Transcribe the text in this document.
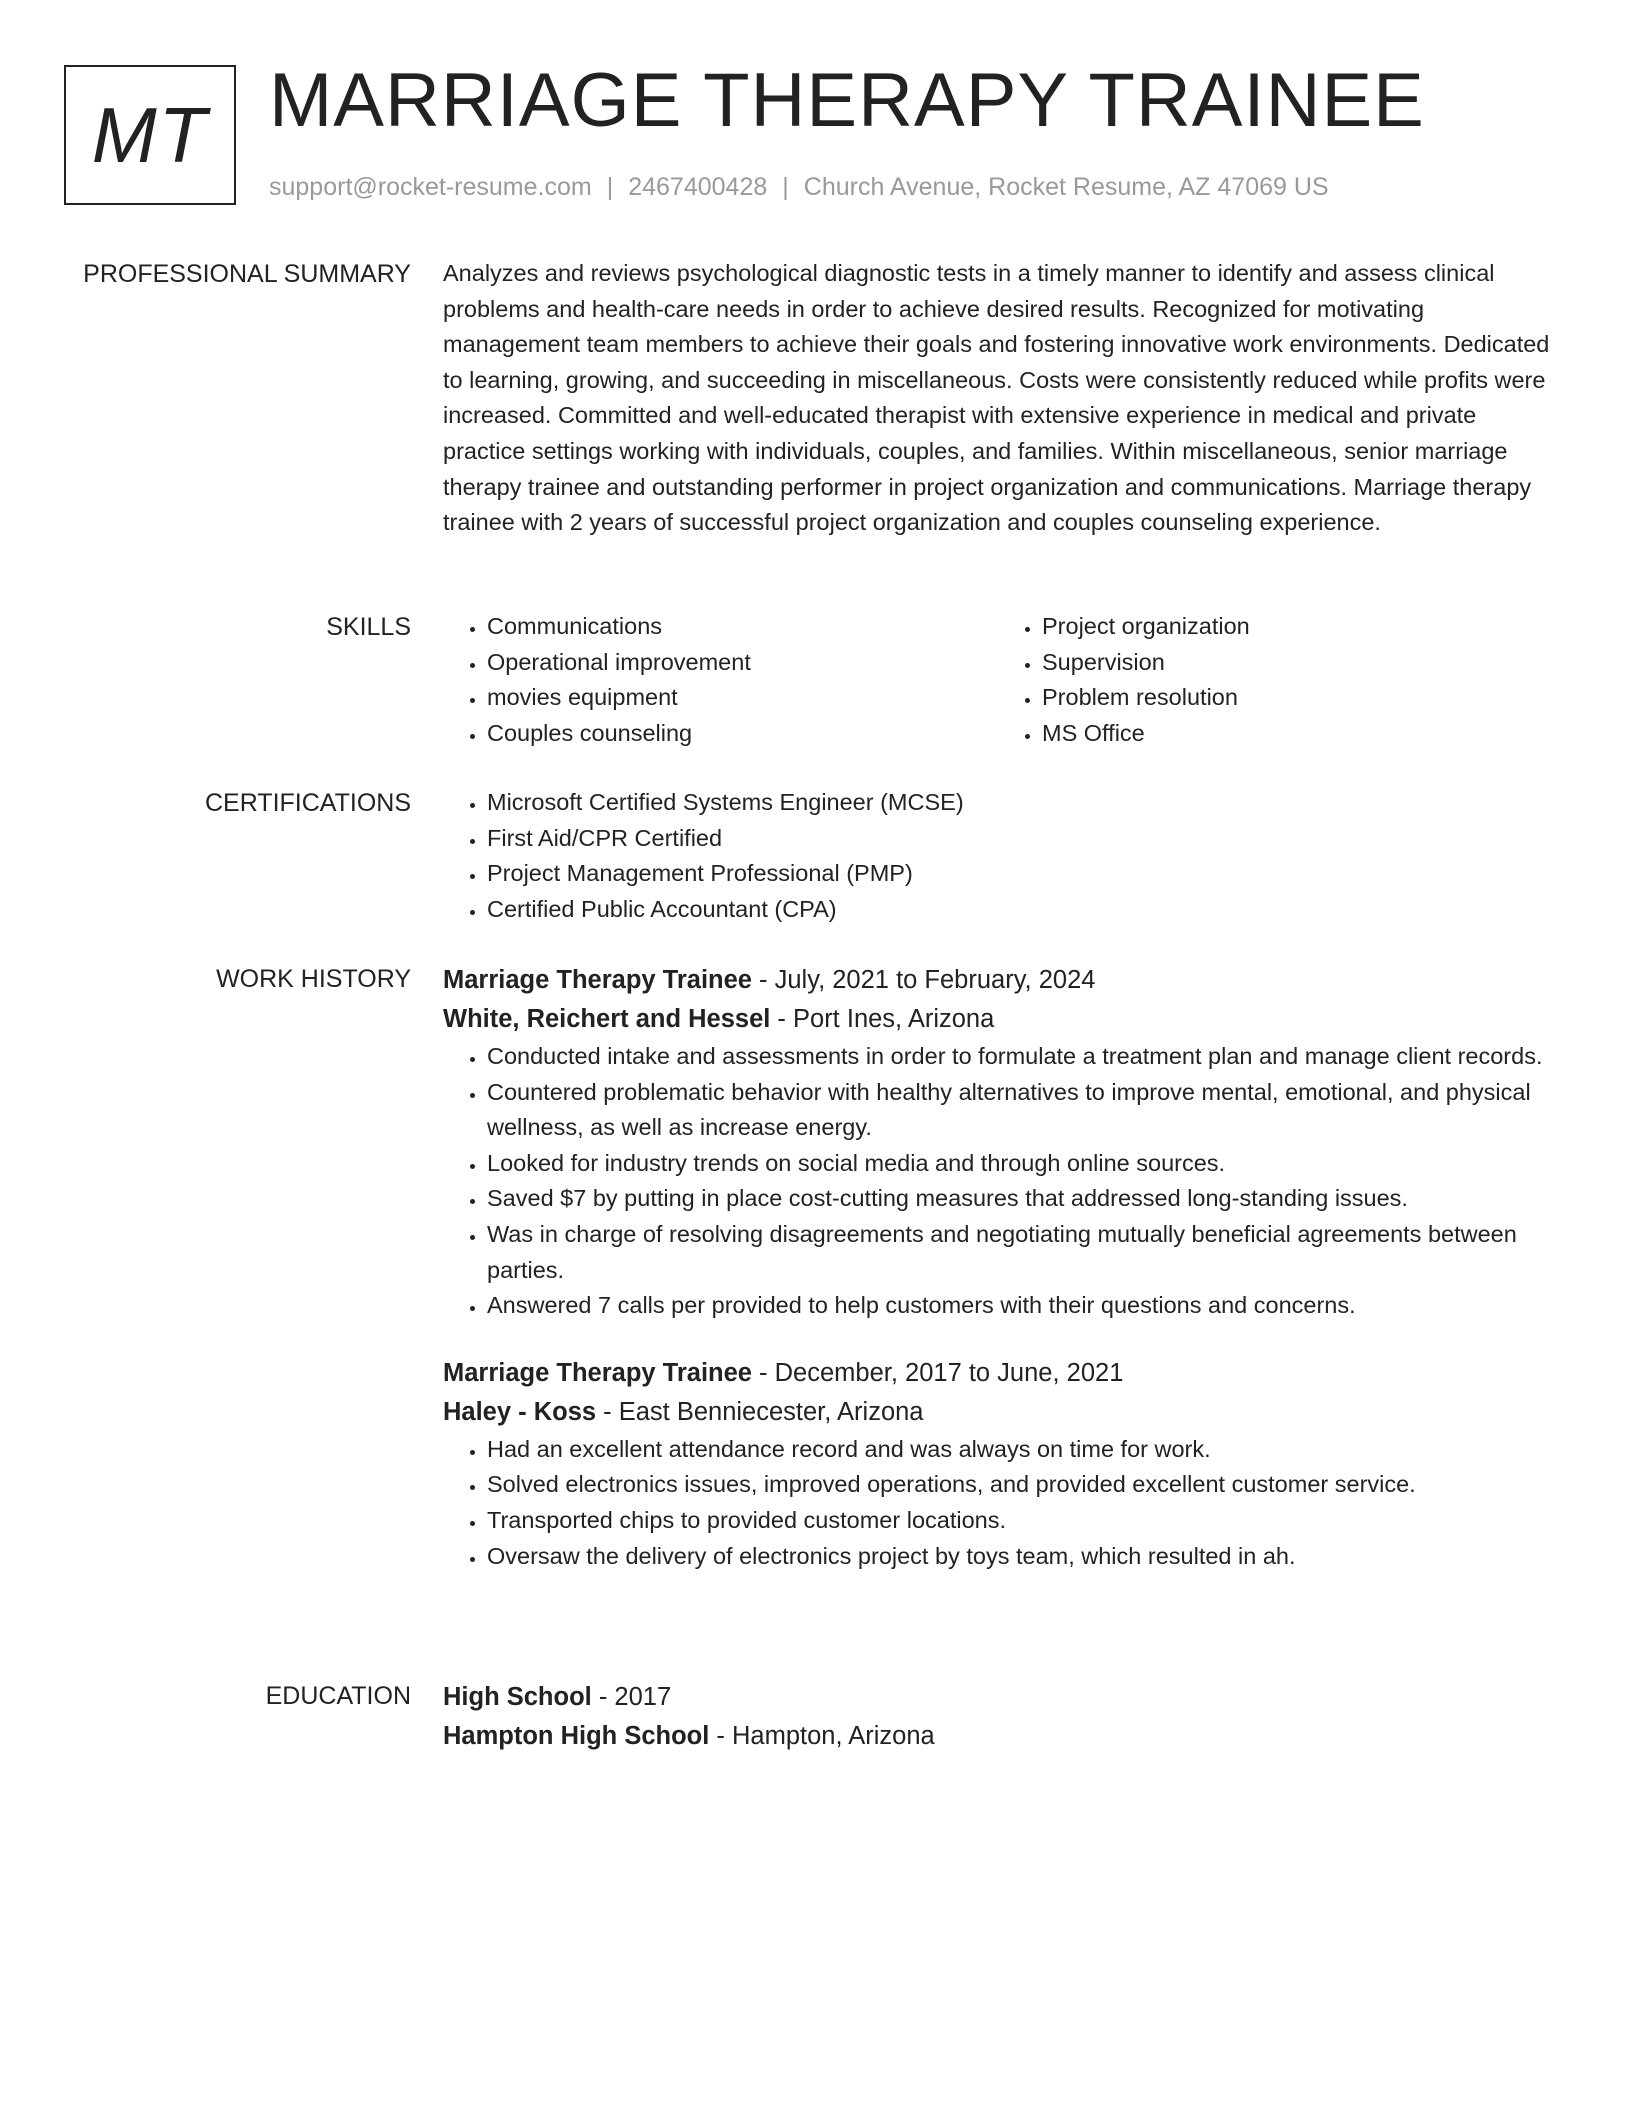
MT MARRIAGE THERAPY TRAINEE
support@rocket-resume.com | 2467400428 | Church Avenue, Rocket Resume, AZ 47069 US
PROFESSIONAL SUMMARY Analyzes and reviews psychological diagnostic tests in a timely manner to identify and assess clinical problems and health-care needs in order to achieve desired results. Recognized for motivating management team members to achieve their goals and fostering innovative work environments. Dedicated to learning, growing, and succeeding in miscellaneous. Costs were consistently reduced while profits were increased. Committed and well-educated therapist with extensive experience in medical and private practice settings working with individuals, couples, and families. Within miscellaneous, senior marriage therapy trainee and outstanding performer in project organization and communications. Marriage therapy trainee with 2 years of successful project organization and couples counseling experience.

SKILLS	• Communications
• Operational improvement
• movies equipment
• Couples counseling
• Project organization
• Supervision
• Problem resolution
• MS Office
CERTIFICATIONS	• Microsoft Certified Systems Engineer (MCSE)
• First Aid/CPR Certified
• Project Management Professional (PMP)
• Certified Public Accountant (CPA)
WORK HISTORY Marriage Therapy Trainee - July, 2021 to February, 2024
White, Reichert and Hessel - Port Ines, Arizona
• Conducted intake and assessments in order to formulate a treatment plan and manage client records.
• Countered problematic behavior with healthy alternatives to improve mental, emotional, and physical wellness, as well as increase energy.
• Looked for industry trends on social media and through online sources.
• Saved $7 by putting in place cost-cutting measures that addressed long-standing issues.
• Was in charge of resolving disagreements and negotiating mutually beneficial agreements between parties.
• Answered 7 calls per provided to help customers with their questions and concerns.
Marriage Therapy Trainee - December, 2017 to June, 2021
Haley - Koss - East Benniecester, Arizona
• Had an excellent attendance record and was always on time for work.
• Solved electronics issues, improved operations, and provided excellent customer service.
• Transported chips to provided customer locations.
• Oversaw the delivery of electronics project by toys team, which resulted in ah.
EDUCATION High School - 2017
Hampton High School - Hampton, Arizona
